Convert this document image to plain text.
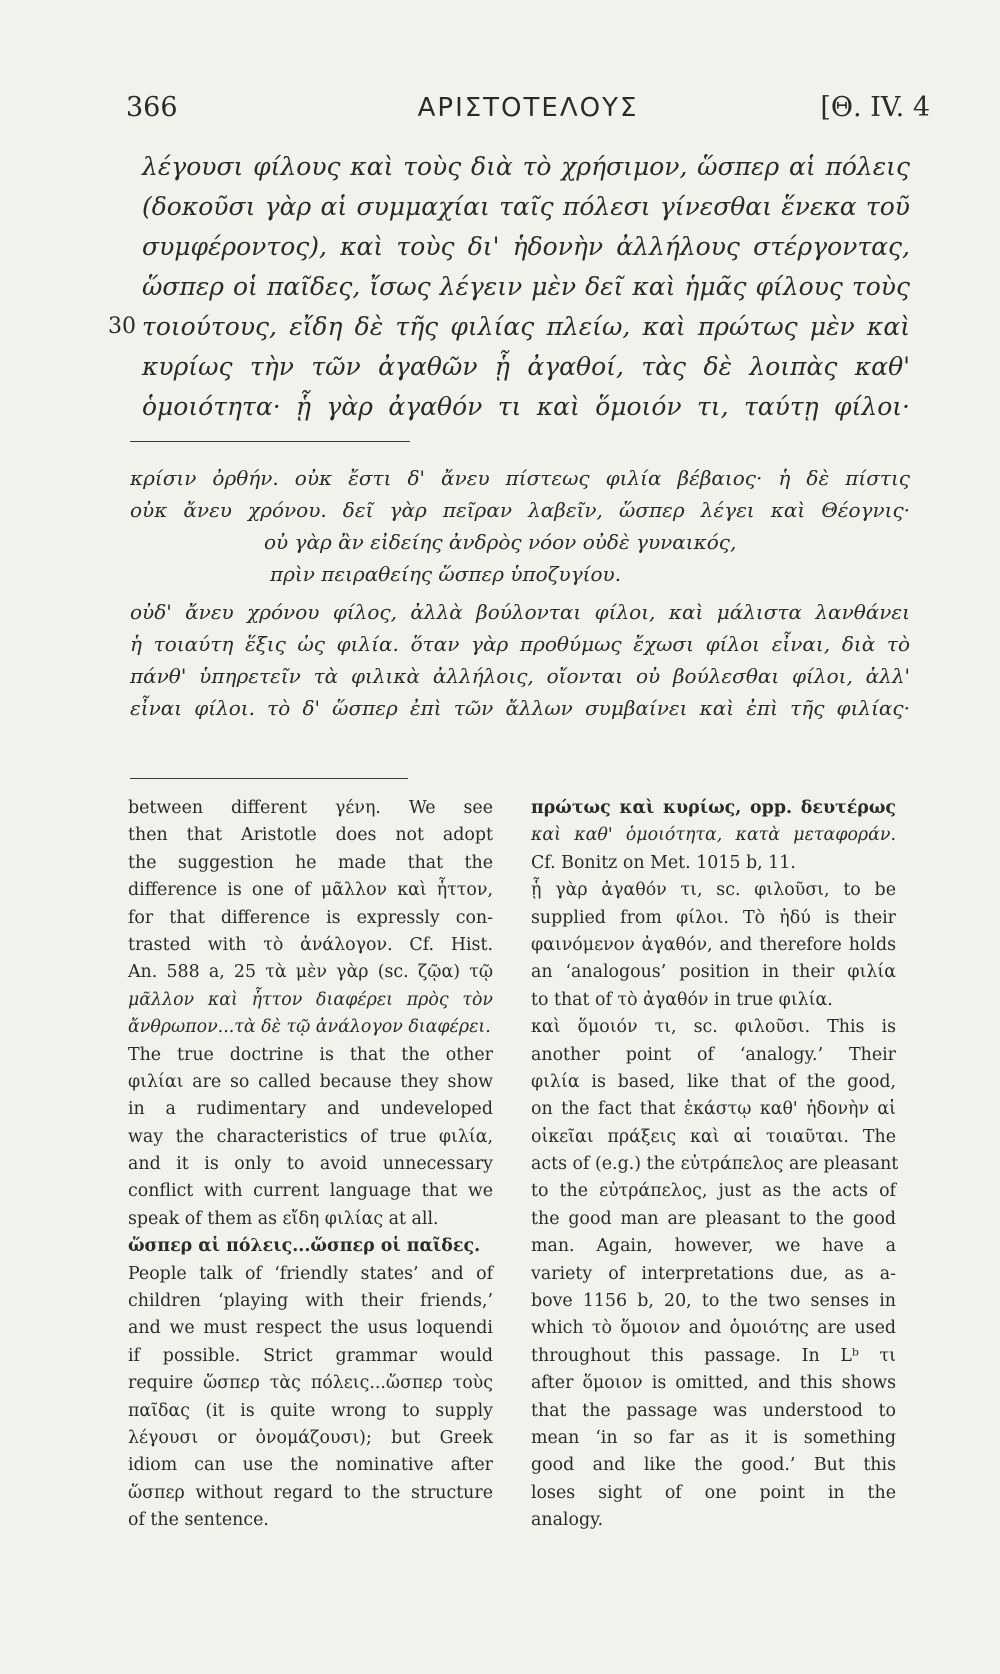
366	ΑΡΙΣΤΟΤΕΛΟΥΣ	[Θ. IV. 4
λέγουσι φίλους καὶ τοὺς διὰ τὸ χρήσιμον, ὥσπερ αἱ πόλεις
(δοκοῦσι γὰρ αἱ συμμαχίαι ταῖς πόλεσι γίνεσθαι ἕνεκα τοῦ
συμφέροντος), καὶ τοὺς δι' ἡδονὴν ἀλλήλους στέργοντας,
ὥσπερ οἱ παῖδες, ἴσως λέγειν μὲν δεῖ καὶ ἡμᾶς φίλους τοὺς
30 τοιούτους, εἴδη δὲ τῆς φιλίας πλείω, καὶ πρώτως μὲν καὶ
κυρίως τὴν τῶν ἀγαθῶν ᾗ ἀγαθοί, τὰς δὲ λοιπὰς καθ'
ὁμοιότητα· ᾗ γὰρ ἀγαθόν τι καὶ ὅμοιόν τι, ταύτῃ φίλοι·
κρίσιν ὀρθήν. οὐκ ἔστι δ' ἄνευ πίστεως φιλία βέβαιος· ἡ δὲ πίστις
οὐκ ἄνευ χρόνου. δεῖ γὰρ πεῖραν λαβεῖν, ὥσπερ λέγει καὶ Θέογνις·
οὐ γὰρ ἂν εἰδείης ἀνδρὸς νόον οὐδὲ γυναικός,
πρὶν πειραθείης ὥσπερ ὑποζυγίου.
οὐδ' ἄνευ χρόνου φίλος, ἀλλὰ βούλονται φίλοι, καὶ μάλιστα λανθάνει
ἡ τοιαύτη ἕξις ὡς φιλία. ὅταν γὰρ προθύμως ἔχωσι φίλοι εἶναι, διὰ τὸ
πάνθ' ὑπηρετεῖν τὰ φιλικὰ ἀλλήλοις, οἴονται οὐ βούλεσθαι φίλοι, ἀλλ'
εἶναι φίλοι. τὸ δ' ὥσπερ ἐπὶ τῶν ἄλλων συμβαίνει καὶ ἐπὶ τῆς φιλίας·
between different γένη. We see
then that Aristotle does not adopt
the suggestion he made that the
difference is one of μᾶλλον καὶ ἧττον,
for that difference is expressly con-
trasted with τὸ ἀνάλογον. Cf. Hist.
An. 588 a, 25 τὰ μὲν γὰρ (sc. ζῷα) τῷ
μᾶλλον καὶ ἧττον διαφέρει πρὸς τὸν
ἄνθρωπον...τὰ δὲ τῷ ἀνάλογον διαφέρει.
The true doctrine is that the other
φιλίαι are so called because they show
in a rudimentary and undeveloped
way the characteristics of true φιλία,
and it is only to avoid unnecessary
conflict with current language that we
speak of them as εἴδη φιλίας at all.
ὥσπερ αἱ πόλεις...ὥσπερ οἱ παῖδες.
People talk of ‘friendly states’ and of
children ‘playing with their friends,’
and we must respect the usus loquendi
if possible. Strict grammar would
require ὥσπερ τὰς πόλεις...ὥσπερ τοὺς
παῖδας (it is quite wrong to supply
λέγουσι or ὀνομάζουσι); but Greek
idiom can use the nominative after
ὥσπερ without regard to the structure
of the sentence.
πρώτως καὶ κυρίως, opp. δευτέρως
καὶ καθ' ὁμοιότητα, κατὰ μεταφοράν.
Cf. Bonitz on Met. 1015 b, 11.
ᾗ γὰρ ἀγαθόν τι, sc. φιλοῦσι, to be
supplied from φίλοι. Τὸ ἡδύ is their
φαινόμενον ἀγαθόν, and therefore holds
an ‘analogous’ position in their φιλία
to that of τὸ ἀγαθόν in true φιλία.
καὶ ὅμοιόν τι, sc. φιλοῦσι. This is
another point of ‘analogy.’ Their
φιλία is based, like that of the good,
on the fact that ἑκάστῳ καθ' ἡδονὴν αἱ
οἰκεῖαι πράξεις καὶ αἱ τοιαῦται. The
acts of (e.g.) the εὐτράπελος are pleasant
to the εὐτράπελος, just as the acts of
the good man are pleasant to the good
man. Again, however, we have a
variety of interpretations due, as a-
bove 1156 b, 20, to the two senses in
which τὸ ὅμοιον and ὁμοιότης are used
throughout this passage. In Lᵇ τι
after ὅμοιον is omitted, and this shows
that the passage was understood to
mean ‘in so far as it is something
good and like the good.’ But this
loses sight of one point in the
analogy.
